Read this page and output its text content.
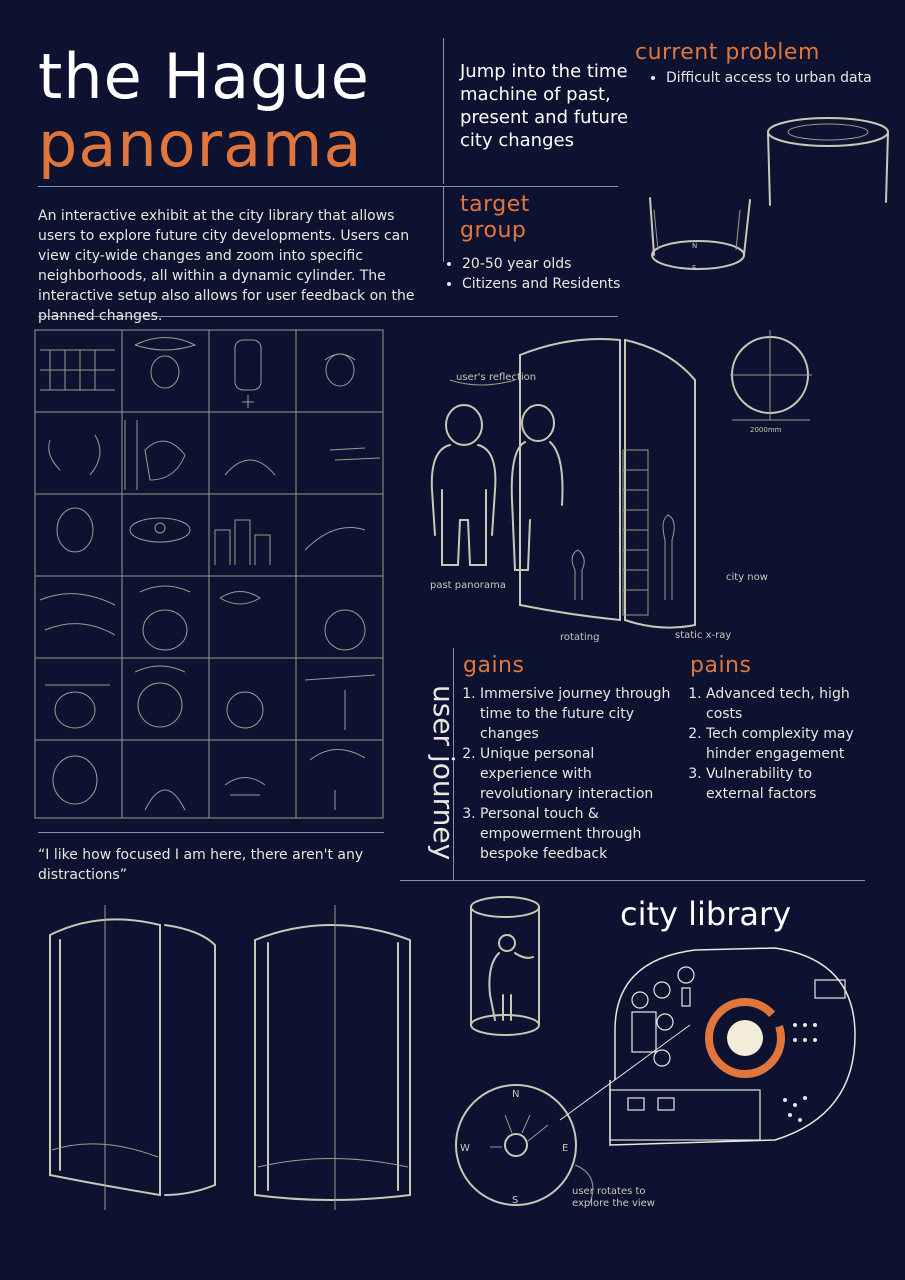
the Hague
panorama
Jump into the time machine of past, present and future city changes
current problem
• Difficult access to urban data
target
group
• 20-50 year olds
• Citizens and Residents
An interactive exhibit at the city library that allows users to explore future city developments. Users can view city-wide changes and zoom into specific neighborhoods, all within a dynamic cylinder. The interactive setup also allows for user feedback on the planned changes.
N
S
user journey
“I like how focused I am here, there aren't any distractions”
user's reflection
past panorama
city now
rotating	static x-ray
2000mm
gains
1. Immersive journey through time to the future city changes
2. Unique personal experience with revolutionary interaction
3. Personal touch & empowerment through bespoke feedback
pains
1. Advanced tech, high costs
2. Tech complexity may hinder engagement
3. Vulnerability to external factors
city library
N
E
S
W
user rotates to explore the view
